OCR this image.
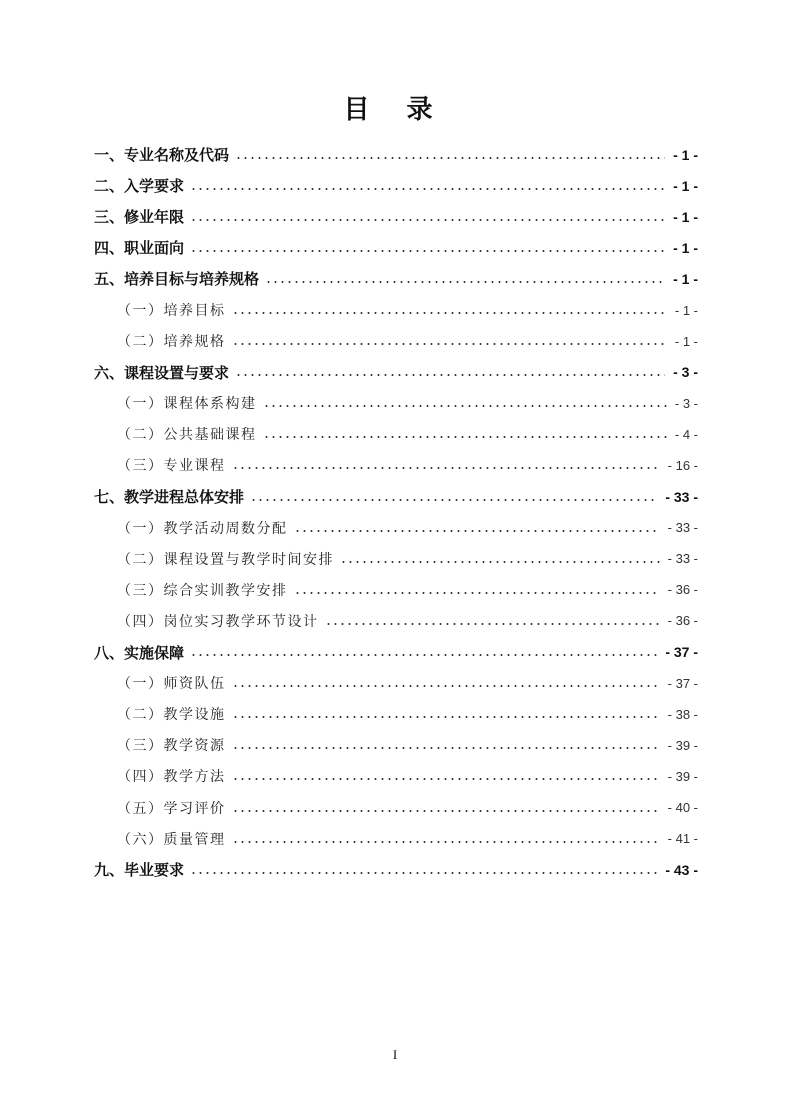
目 录
一、专业名称及代码	- 1 -
二、入学要求	- 1 -
三、修业年限	- 1 -
四、职业面向	- 1 -
五、培养目标与培养规格	- 1 -
（一）培养目标	- 1 -
（二）培养规格	- 1 -
六、课程设置与要求	- 3 -
（一）课程体系构建	- 3 -
（二）公共基础课程	- 4 -
（三）专业课程	- 16 -
七、教学进程总体安排	- 33 -
（一）教学活动周数分配	- 33 -
（二）课程设置与教学时间安排	- 33 -
（三）综合实训教学安排	- 36 -
（四）岗位实习教学环节设计	- 36 -
八、实施保障	- 37 -
（一）师资队伍	- 37 -
（二）教学设施	- 38 -
（三）教学资源	- 39 -
（四）教学方法	- 39 -
（五）学习评价	- 40 -
（六）质量管理	- 41 -
九、毕业要求	- 43 -
I
